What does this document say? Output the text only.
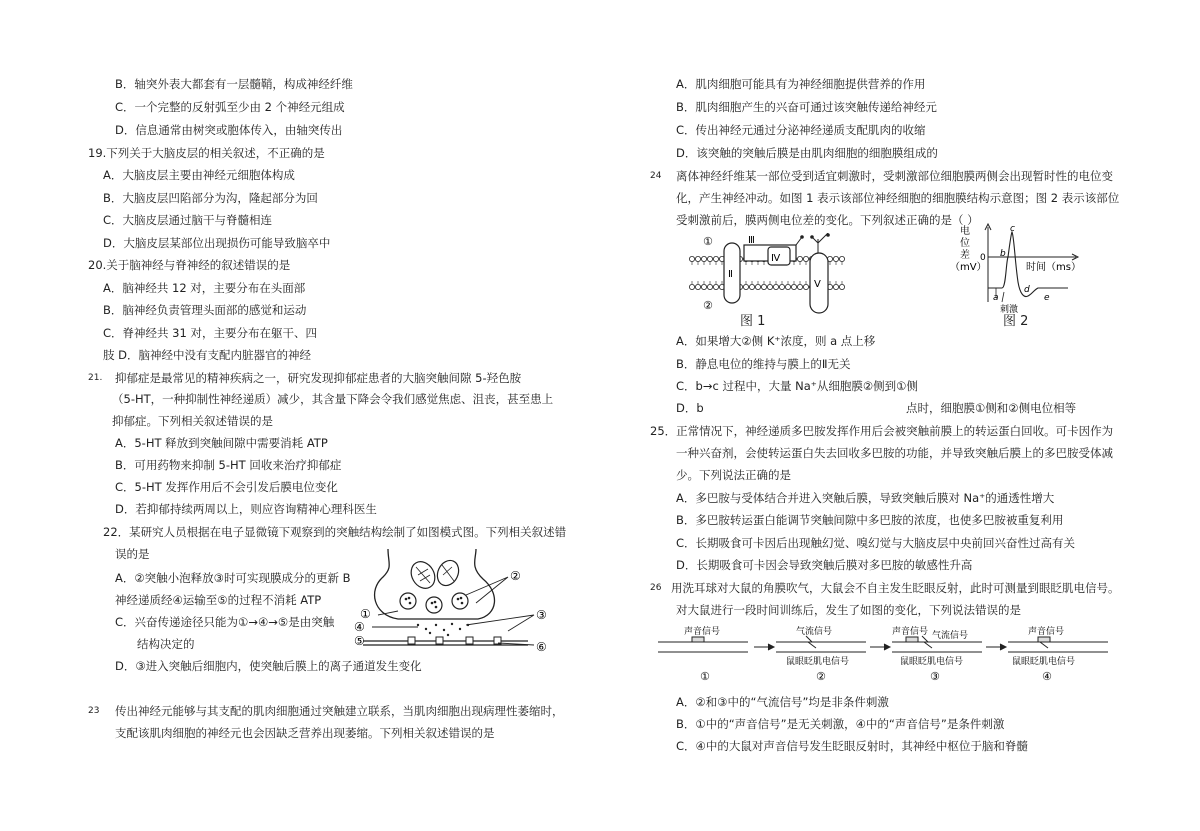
B．轴突外表大都套有一层髓鞘，构成神经纤维
C．一个完整的反射弧至少由 2 个神经元组成
D．信息通常由树突或胞体传入，由轴突传出
19.下列关于大脑皮层的相关叙述，不正确的是
A．大脑皮层主要由神经元细胞体构成
B．大脑皮层凹陷部分为沟，隆起部分为回
C．大脑皮层通过脑干与脊髓相连
D．大脑皮层某部位出现损伤可能导致脑卒中
20.关于脑神经与脊神经的叙述错误的是
A．脑神经共 12 对，主要分布在头面部
B．脑神经负责管理头面部的感觉和运动
C．脊神经共 31 对，主要分布在躯干、四
肢 D．脑神经中没有支配内脏器官的神经
21. 抑郁症是最常见的精神疾病之一，研究发现抑郁症患者的大脑突触间隙 5-羟色胺
（5-HT，一种抑制性神经递质）减少，其含量下降会令我们感觉焦虑、沮丧，甚至患上
抑郁症。下列相关叙述错误的是
A．5-HT 释放到突触间隙中需要消耗 ATP
B．可用药物来抑制 5-HT 回收来治疗抑郁症
C．5-HT 发挥作用后不会引发后膜电位变化
D．若抑郁持续两周以上，则应咨询精神心理科医生
22．某研究人员根据在电子显微镜下观察到的突触结构绘制了如图模式图。下列相关叙述错
误的是
A．②突触小泡释放③时可实现膜成分的更新 B
神经递质经④运输至⑤的过程不消耗 ATP
C．兴奋传递途径只能为①→④→⑤是由突触
结构决定的
D．③进入突触后细胞内，使突触后膜上的离子通道发生变化
①
②
③
④
⑤	⑥
23 传出神经元能够与其支配的肌肉细胞通过突触建立联系，当肌肉细胞出现病理性萎缩时，
支配该肌肉细胞的神经元也会因缺乏营养出现萎缩。下列相关叙述错误的是
A．肌肉细胞可能具有为神经细胞提供营养的作用
B．肌肉细胞产生的兴奋可通过该突触传递给神经元
C．传出神经元通过分泌神经递质支配肌肉的收缩
D．该突触的突触后膜是由肌肉细胞的细胞膜组成的
24 离体神经纤维某一部位受到适宜刺激时，受刺激部位细胞膜两侧会出现暂时性的电位变
化，产生神经冲动。如图 1 表示该部位神经细胞的细胞膜结构示意图；图 2 表示该部位
受刺激前后，膜两侧电位差的变化。下列叙述正确的是（ ）
Ⅱ
Ⅲ
Ⅳ
Ⅴ
①
②
图 1
电
位
差
（mV）
0
时间（ms）
a
b
c
d
e
刺激
图 2
A．如果增大②侧 K⁺浓度，则 a 点上移
B．静息电位的维持与膜上的Ⅱ无关
C．b→c 过程中，大量 Na⁺从细胞膜②侧到①侧
D．b	点时，细胞膜①侧和②侧电位相等
25．正常情况下，神经递质多巴胺发挥作用后会被突触前膜上的转运蛋白回收。可卡因作为
一种兴奋剂，会使转运蛋白失去回收多巴胺的功能，并导致突触后膜上的多巴胺受体减
少。下列说法正确的是
A．多巴胺与受体结合并进入突触后膜，导致突触后膜对 Na⁺的通透性增大
B．多巴胺转运蛋白能调节突触间隙中多巴胺的浓度，也使多巴胺被重复利用
C．长期吸食可卡因后出现触幻觉、嗅幻觉与大脑皮层中央前回兴奋性过高有关
D．长期吸食可卡因会导致突触后膜对多巴胺的敏感性升高
26 用洗耳球对大鼠的角膜吹气，大鼠会不自主发生眨眼反射，此时可测量到眼眨肌电信号。
对大鼠进行一段时间训练后，发生了如图的变化，下列说法错误的是
声音信号
①
气流信号
鼠眼眨肌电信号
②
声音信号 气流信号
鼠眼眨肌电信号
③
声音信号
鼠眼眨肌电信号
④
A．②和③中的“气流信号”均是非条件刺激
B．①中的“声音信号”是无关刺激，④中的“声音信号”是条件刺激
C．④中的大鼠对声音信号发生眨眼反射时，其神经中枢位于脑和脊髓
